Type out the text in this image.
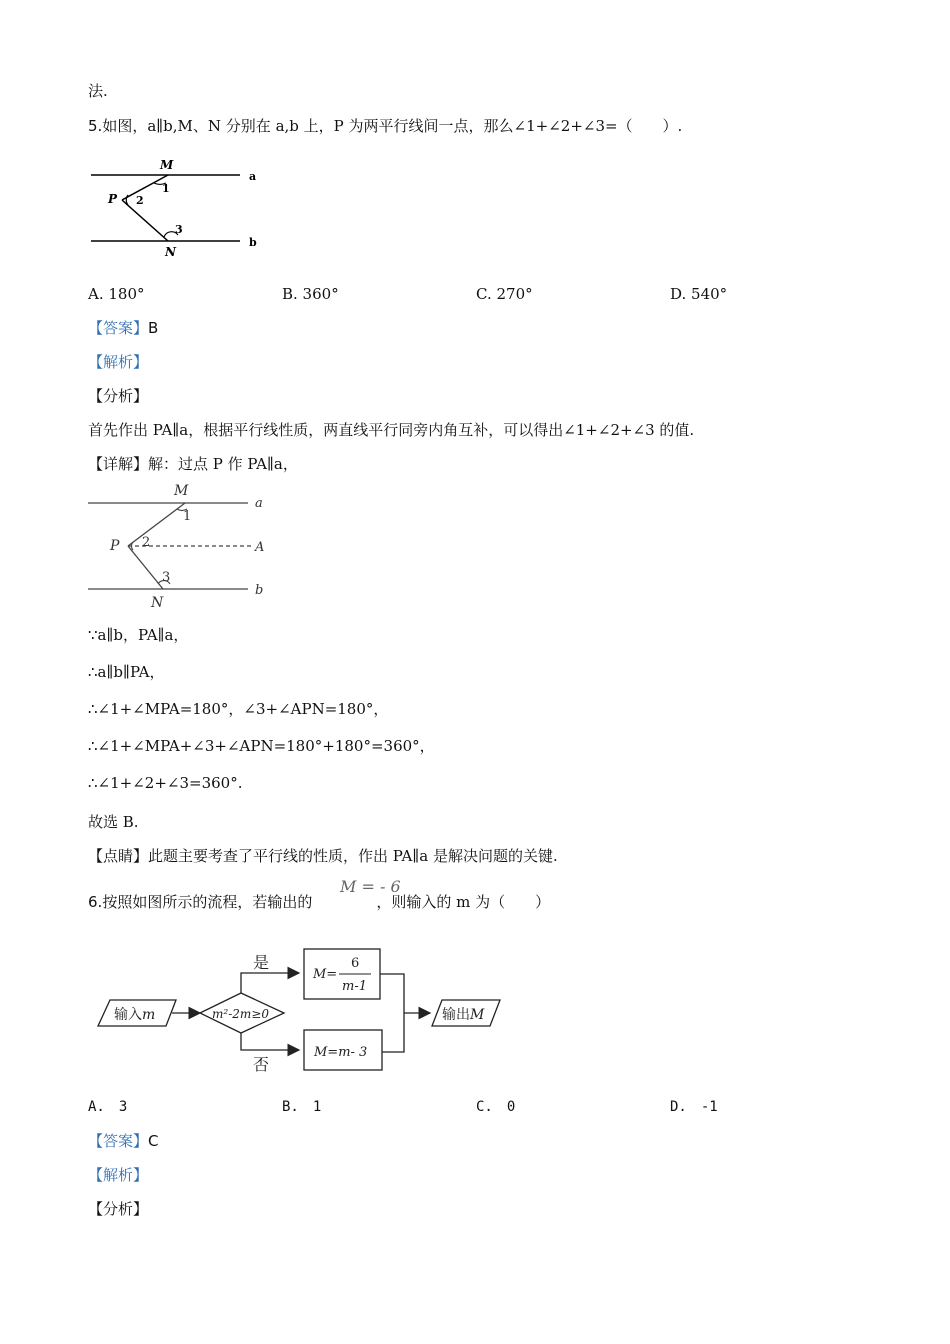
法.
5.如图，a∥b,M、N 分别在 a,b 上，P 为两平行线间一点，那么∠1+∠2+∠3=（　　）.
M
1
P 2
3
N
a
b
A. 180°	B. 360°	C. 270°	D. 540°
【答案】B
【解析】
【分析】
首先作出 PA∥a，根据平行线性质，两直线平行同旁内角互补，可以得出∠1+∠2+∠3 的值.
【详解】解：过点 P 作 PA∥a，
M
1
P 2
3
N
a
A
b
∵a∥b，PA∥a，
∴a∥b∥PA，
∴∠1+∠MPA=180°，∠3+∠APN=180°，
∴∠1+∠MPA+∠3+∠APN=180°+180°=360°，
∴∠1+∠2+∠3=360°.
故选 B.
【点睛】此题主要考查了平行线的性质，作出 PA∥a 是解决问题的关键.
M = - 6
6.按照如图所示的流程，若输出的	，则输入的 m 为（　　）
输入m	m²-2m≥0
是
M=
6
m-1
否
M=m- 3
输出M
A.　3	B.　1	C.　0	D.　-1
【答案】C
【解析】
【分析】
